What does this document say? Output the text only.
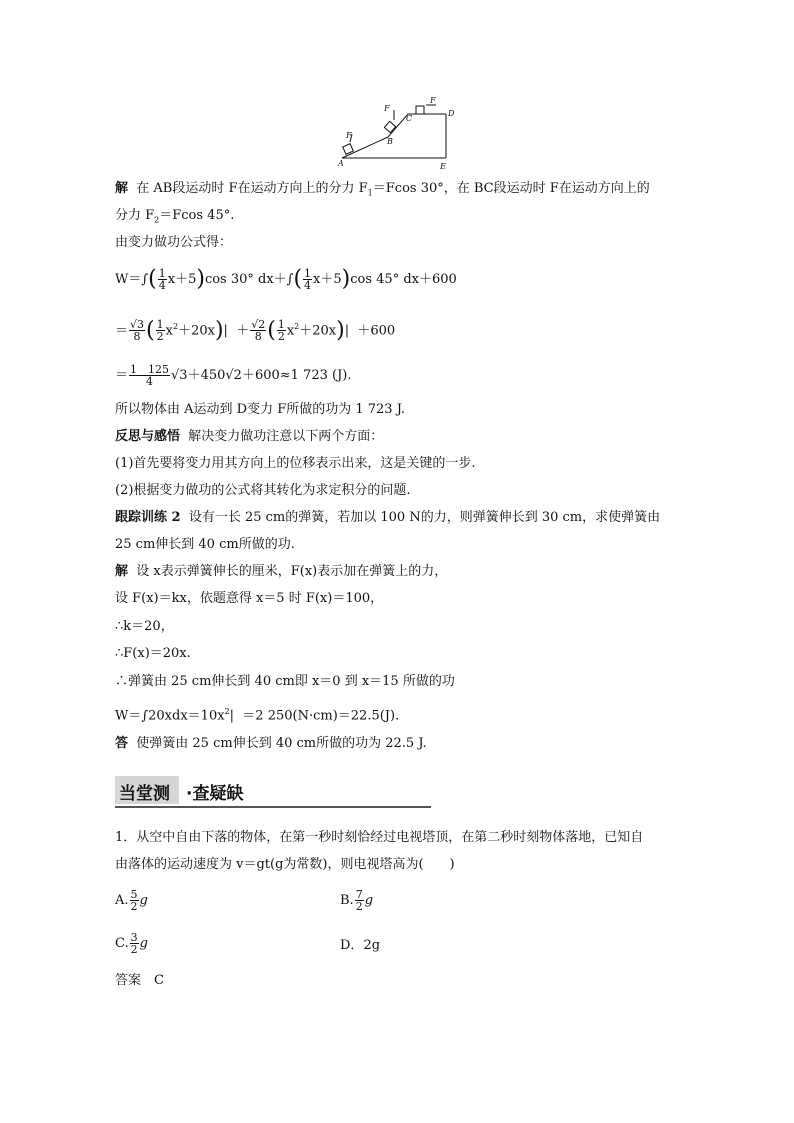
A
B
C
D
E
F
F
F
解 在 AB段运动时 F在运动方向上的分力 $F_1=Fcos$ 30°，在 BC段运动时 F在运动方向上的
分力 $F_2=Fcos$ 45°.
由变力做功公式得：
$W=\int( \frac{1}{4} x+5)\cos$ 30° $dx+\int( \frac{1}{4} x+5)\cos$ 45° dx＋600
＝ $\frac{√3}{8}$ ( $\frac{1}{2} x^2+20x)| + \frac{√2}{8}$ ( $\frac{1}{2} x^2+20x)| +600$
＝ $\frac{1 125}{4} √3+450√2+600\approx 1$ 723 (J).
所以物体由 A运动到 D变力 F所做的功为 1 723 J.
反思与感悟 解决变力做功注意以下两个方面：
(1)首先要将变力用其方向上的位移表示出来，这是关键的一步.
(2)根据变力做功的公式将其转化为求定积分的问题.
跟踪训练 2 设有一长 25 cm的弹簧，若加以 100 N的力，则弹簧伸长到 30 cm，求使弹簧由
25 cm伸长到 40 cm所做的功.
解 设 x表示弹簧伸长的厘米，F(x)表示加在弹簧上的力，
设 F(x)＝kx，依题意得 x＝5 时 F(x)＝100，
∴k＝20，
∴F(x)＝20x.
∴弹簧由 25 cm伸长到 40 cm即 x＝0 到 x＝15 所做的功
$W=\int 20xdx=10x^2| =2$ 250(N·cm)＝22.5(J).
答 使弹簧由 25 cm伸长到 40 cm所做的功为 22.5 J.
当堂测 ·查疑缺
1．从空中自由下落的物体，在第一秒时刻恰经过电视塔顶，在第二秒时刻物体落地，已知自
由落体的运动速度为 v＝gt(g为常数)，则电视塔高为(　　)
A. $\frac{5}{2}$ g	B. $\frac{7}{2}$ g
C. $\frac{3}{2}$ g	D．2g
答案　C
